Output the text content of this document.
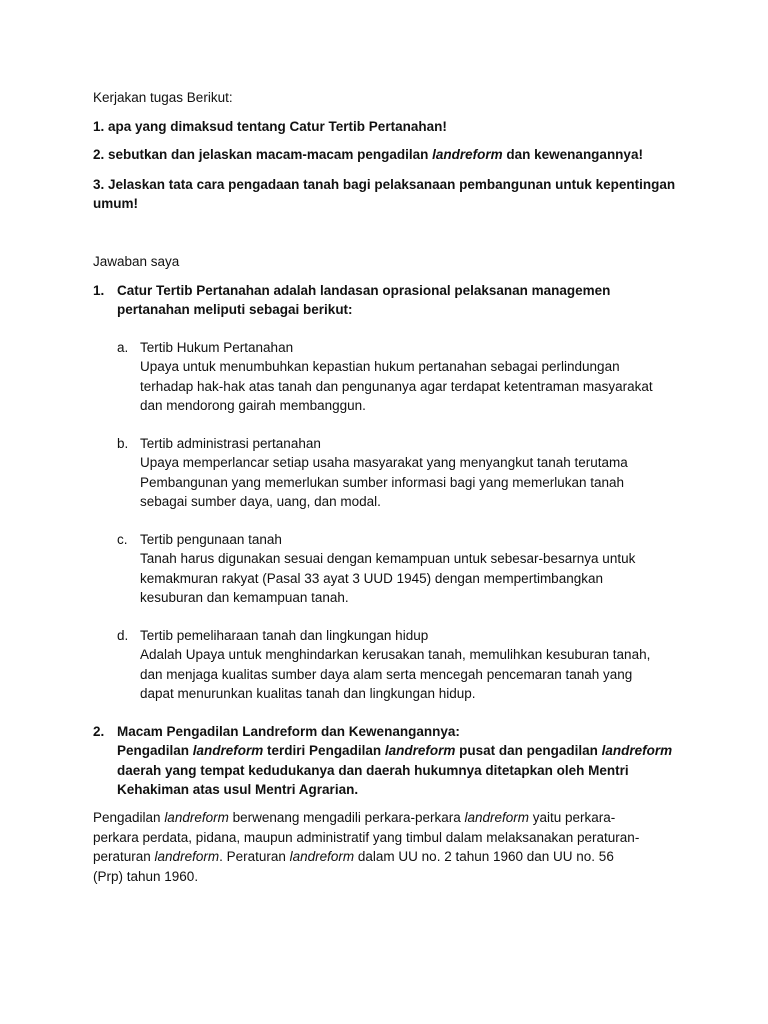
Kerjakan tugas Berikut:
1. apa yang dimaksud tentang Catur Tertib Pertanahan!
2. sebutkan dan jelaskan macam-macam pengadilan landreform dan kewenangannya!
3. Jelaskan tata cara pengadaan tanah bagi pelaksanaan pembangunan untuk kepentingan
umum!
Jawaban saya
1. Catur Tertib Pertanahan adalah landasan oprasional pelaksanan managemen
pertanahan meliputi sebagai berikut:
a. Tertib Hukum Pertanahan
Upaya untuk menumbuhkan kepastian hukum pertanahan sebagai perlindungan
terhadap hak-hak atas tanah dan pengunanya agar terdapat ketentraman masyarakat
dan mendorong gairah membanggun.
b. Tertib administrasi pertanahan
Upaya memperlancar setiap usaha masyarakat yang menyangkut tanah terutama
Pembangunan yang memerlukan sumber informasi bagi yang memerlukan tanah
sebagai sumber daya, uang, dan modal.
c. Tertib pengunaan tanah
Tanah harus digunakan sesuai dengan kemampuan untuk sebesar-besarnya untuk
kemakmuran rakyat (Pasal 33 ayat 3 UUD 1945) dengan mempertimbangkan
kesuburan dan kemampuan tanah.
d. Tertib pemeliharaan tanah dan lingkungan hidup
Adalah Upaya untuk menghindarkan kerusakan tanah, memulihkan kesuburan tanah,
dan menjaga kualitas sumber daya alam serta mencegah pencemaran tanah yang
dapat menurunkan kualitas tanah dan lingkungan hidup.
2. Macam Pengadilan Landreform dan Kewenangannya:
Pengadilan landreform terdiri Pengadilan landreform pusat dan pengadilan landreform
daerah yang tempat kedudukanya dan daerah hukumnya ditetapkan oleh Mentri
Kehakiman atas usul Mentri Agrarian.
Pengadilan landreform berwenang mengadili perkara-perkara landreform yaitu perkara-
perkara perdata, pidana, maupun administratif yang timbul dalam melaksanakan peraturan-
peraturan landreform. Peraturan landreform dalam UU no. 2 tahun 1960 dan UU no. 56
(Prp) tahun 1960.
